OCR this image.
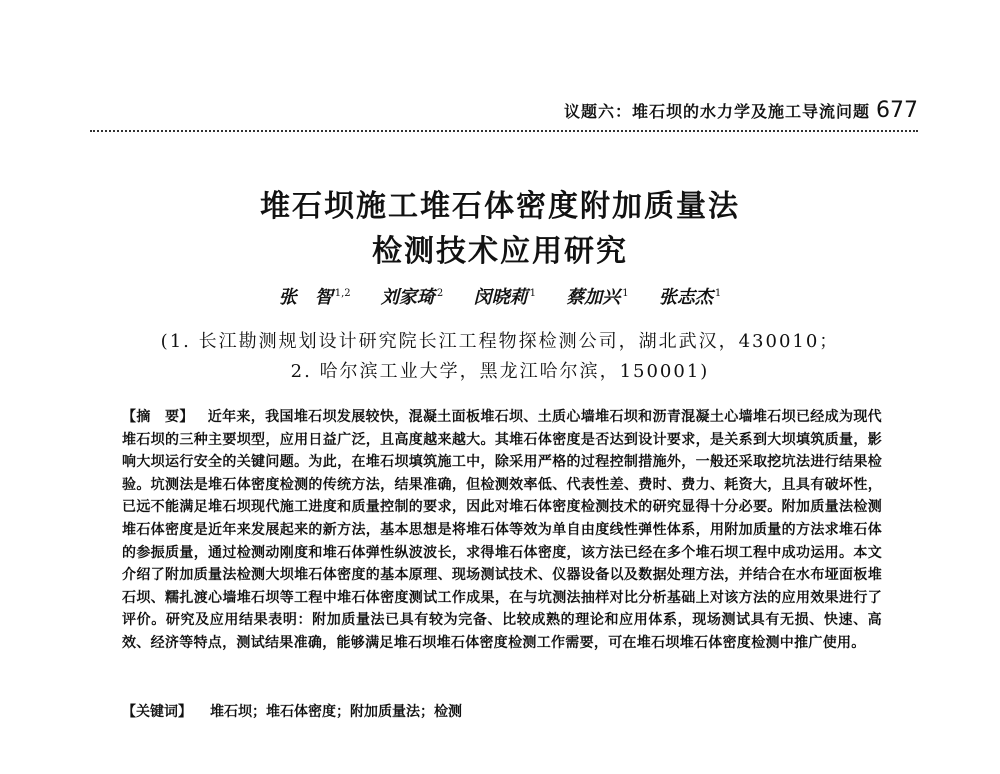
议题六：堆石坝的水力学及施工导流问题 677
堆石坝施工堆石体密度附加质量法
检测技术应用研究
张　智 $^{1,2}$ 刘家琦 $^2$ 闵晓莉 $^1$ 蔡加兴 $^1$ 张志杰 $^1$
(1. 长江勘测规划设计研究院长江工程物探检测公司，湖北武汉，430010；
2. 哈尔滨工业大学，黑龙江哈尔滨，150001)
【摘　要】 近年来，我国堆石坝发展较快，混凝土面板堆石坝、土质心墙堆石坝和沥青混凝土心墙堆石坝已经成为现代堆石坝的三种主要坝型，应用日益广泛，且高度越来越大。其堆石体密度是否达到设计要求，是关系到大坝填筑质量，影响大坝运行安全的关键问题。为此，在堆石坝填筑施工中，除采用严格的过程控制措施外，一般还采取挖坑法进行结果检验。坑测法是堆石体密度检测的传统方法，结果准确，但检测效率低、代表性差、费时、费力、耗资大，且具有破坏性，已远不能满足堆石坝现代施工进度和质量控制的要求，因此对堆石体密度检测技术的研究显得十分必要。附加质量法检测堆石体密度是近年来发展起来的新方法，基本思想是将堆石体等效为单自由度线性弹性体系，用附加质量的方法求堆石体的参振质量，通过检测动刚度和堆石体弹性纵波波长，求得堆石体密度，该方法已经在多个堆石坝工程中成功运用。本文介绍了附加质量法检测大坝堆石体密度的基本原理、现场测试技术、仪器设备以及数据处理方法，并结合在水布垭面板堆石坝、糯扎渡心墙堆石坝等工程中堆石体密度测试工作成果，在与坑测法抽样对比分析基础上对该方法的应用效果进行了评价。研究及应用结果表明：附加质量法已具有较为完备、比较成熟的理论和应用体系，现场测试具有无损、快速、高效、经济等特点，测试结果准确，能够满足堆石坝堆石体密度检测工作需要，可在堆石坝堆石体密度检测中推广使用。
【关键词】 堆石坝；堆石体密度；附加质量法；检测
